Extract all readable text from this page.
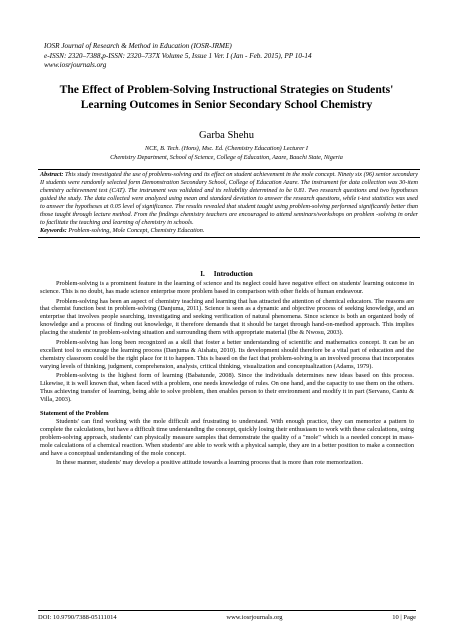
IOSR Journal of Research & Method in Education (IOSR-JRME)
e-ISSN: 2320–7388,p-ISSN: 2320–737X Volume 5, Issue 1 Ver. I (Jan - Feb. 2015), PP 10-14
www.iosrjournals.org
The Effect of Problem-Solving Instructional Strategies on Students' Learning Outcomes in Senior Secondary School Chemistry
Garba Shehu
NCE, B. Tech. (Hons), Msc. Ed. (Chemistry Education) Lecturer I
Chemistry Department, School of Science, College of Education, Azare, Bauchi State, Nigeria

Abstract: This study investigated the use of problems-solving and its effect on student achievement in the mole concept. Ninety six (96) senior secondary II students were randomly selected form Demonstration Secondary School, College of Education Azare. The instrument for data collection was 30-item chemistry achievement test (CAT). The instrument was validated and its reliability determined to be 0.81. Two research questions and two hypotheses guided the study. The data collected were analyzed using mean and standard deviation to answer the research questions, while t-test statistics was used to answer the hypotheses at 0.05 level of significance. The results revealed that student taught using problem-solving performed significantly better than those taught through lecture method. From the findings chemistry teachers are encouraged to attend seminars/workshops on problem -solving in order to facilitate the teaching and learning of chemistry in schools.

Keywords: Problem-solving, Mole Concept, Chemistry Education.

I.     Introduction

Problem-solving is a prominent feature in the learning of science and its neglect could have negative effect on students' learning outcome in science. This is no doubt, has made science enterprise more problem based in comparison with other fields of human endeavour.

Problem-solving has been an aspect of chemistry teaching and learning that has attracted the attention of chemical educators. The reasons are that chemist function best in problem-solving (Danjuma, 2011). Science is seen as a dynamic and objective process of seeking knowledge, and an enterprise that involves people searching, investigating and seeking verification of natural phenomena. Since science is both an organized body of knowledge and a process of finding out knowledge, it therefore demands that it should be target through hand-on-method approach. This implies placing the students' in problem-solving situation and surrounding them with appropriate material (Ibe & Nwosu, 2003).

Problem-solving has long been recognized as a skill that foster a better understanding of scientific and mathematics concept. It can be an excellent tool to encourage the learning process (Danjuma & Aishatu, 2010). Its development should therefore be a vital part of education and the chemistry classroom could be the right place for it to happen. This is based on the fact that problem-solving is an involved process that incorporates varying levels of thinking, judgment, comprehension, analysis, critical thinking, visualization and conceptualization (Adams, 1979).

Problem-solving is the highest form of learning (Babatunde, 2008). Since the individuals determines new ideas based on this process. Likewise, it is well known that, when faced with a problem, one needs knowledge of rules. On one hand, and the capacity to use them on the others. Thus achieving transfer of learning, being able to solve problem, then enables person to their environment and modify it in part (Servano, Cantu & Villa, 2003).

Statement of the Problem

Students' can find working with the mole difficult and frustrating to understand. With enough practice, they can memorize a pattern to complete the calculations, but have a difficult time understanding the concept, quickly losing their enthusiasm to work with these calculations, using problem-solving approach, students' can physically measure samples that demonstrate the quality of a "mole" which is a needed concept in mass-mole calculations of a chemical reaction. When students' are able to work with a physical sample, they are in a better position to make a connection and have a conceptual understanding of the mole concept.

In these manner, students' may develop a positive attitude towards a learning process that is more than rote memorization.

DOI: 10.9790/7388-05111014	www.iosrjournals.org	10 | Page
